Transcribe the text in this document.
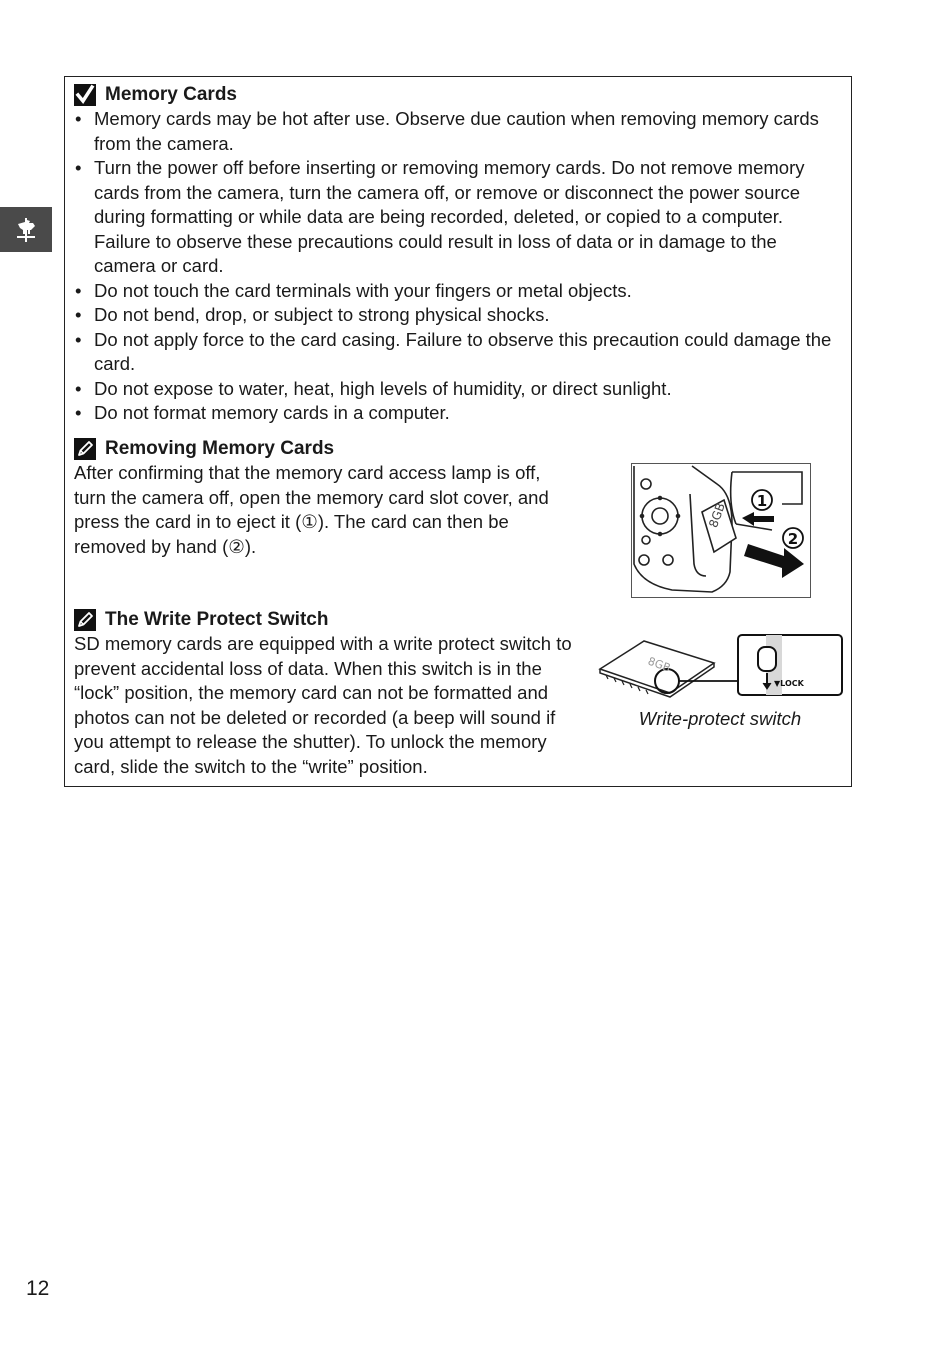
Memory Cards
• Memory cards may be hot after use. Observe due caution when removing memory cards from the camera.
• Turn the power off before inserting or removing memory cards. Do not remove memory cards from the camera, turn the camera off, or remove or disconnect the power source during formatting or while data are being recorded, deleted, or copied to a computer. Failure to observe these precautions could result in loss of data or in damage to the camera or card.
• Do not touch the card terminals with your fingers or metal objects.
• Do not bend, drop, or subject to strong physical shocks.
• Do not apply force to the card casing. Failure to observe this precaution could damage the card.
• Do not expose to water, heat, high levels of humidity, or direct sunlight.
• Do not format memory cards in a computer.
Removing Memory Cards
After confirming that the memory card access lamp is off,
turn the camera off, open the memory card slot cover, and
press the card in to eject it (①). The card can then be
removed by hand (②).
8GB
1
2
The Write Protect Switch
SD memory cards are equipped with a write protect switch to
prevent accidental loss of data. When this switch is in the
“lock” position, the memory card can not be formatted and
photos can not be deleted or recorded (a beep will sound if
you attempt to release the shutter). To unlock the memory
card, slide the switch to the “write” position.
8GB
▼LOCK
Write-protect switch
12
